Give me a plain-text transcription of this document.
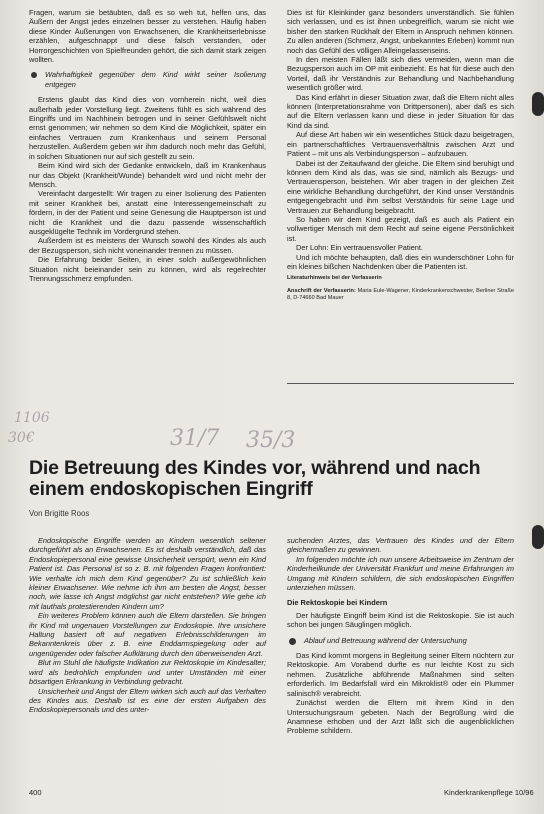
Fragen, warum sie betäubten, daß es so weh tut, helfen uns, das Äußern der Angst jedes einzelnen besser zu verstehen. Häufig haben diese Kinder Äußerungen von Erwachsenen, die Krankheitserlebnisse erzählen, aufgeschnappt und diese falsch verstanden, oder Horrorgeschichten von Spielfreunden gehört, die sich damit stark zeigen wollten.

Wahrhaftigkeit gegenüber dem Kind wirkt seiner Isolierung entgegen

Erstens glaubt das Kind dies von vornherein nicht, weil dies außerhalb jeder Vorstellung liegt. Zweitens fühlt es sich während des Eingriffs und im Nachhinein betrogen und in seiner Gefühlswelt nicht ernst genommen; wir nehmen so dem Kind die Möglichkeit, später ein einfaches Vertrauen zum Krankenhaus und seinem Personal herzustellen. Außerdem geben wir ihm dadurch noch mehr das Gefühl, in solchen Situationen nur auf sich gestellt zu sein.

Beim Kind wird sich der Gedanke entwickeln, daß im Krankenhaus nur das Objekt (Krankheit/Wunde) behandelt wird und nicht mehr der Mensch.

Vereinfacht dargestellt: Wir tragen zu einer Isolierung des Patienten mit seiner Krankheit bei, anstatt eine Interessengemeinschaft zu fördern, in der der Patient und seine Genesung die Hauptperson ist und nicht die Krankheit und die dazu passende wissenschaftlich ausgeklügelte Technik im Vordergrund stehen.

Außerdem ist es meistens der Wunsch sowohl des Kindes als auch der Bezugsperson, sich nicht voneinander trennen zu müssen.

Die Erfahrung beider Seiten, in einer solch außergewöhnlichen Situation nicht beieinander sein zu können, wird als regelrechter Trennungsschmerz empfunden.

Dies ist für Kleinkinder ganz besonders unverständlich. Sie fühlen sich verlassen, und es ist ihnen unbegreiflich, warum sie nicht wie bisher den starken Rückhalt der Eltern in Anspruch nehmen können. Zu allen anderen (Schmerz, Angst, unbekanntes Erleben) kommt nun noch das Gefühl des völligen Alleingelassenseins.

In den meisten Fällen läßt sich dies vermeiden, wenn man die Bezugsperson auch im OP mit einbezieht. Es hat für diese auch den Vorteil, daß ihr Verständnis zur Behandlung und Nachbehandlung wesentlich größer wird.

Das Kind erfährt in dieser Situation zwar, daß die Eltern nicht alles können (Interpretationsrahme von Drittpersonen), aber daß es sich auf die Eltern verlassen kann und diese in jeder Situation für das Kind da sind.

Auf diese Art haben wir ein wesentliches Stück dazu beigetragen, ein partnerschaftliches Vertrauensverhältnis zwischen Arzt und Patient – mit uns als Verbindungsperson – aufzubauen.

Dabei ist der Zeitaufwand der gleiche. Die Eltern sind beruhigt und können dem Kind als das, was sie sind, nämlich als Bezugs- und Vertrauensperson, beistehen. Wir aber tragen in der gleichen Zeit eine wirkliche Behandlung durchgeführt, der Kind unser Verständnis entgegengebracht und ihm selbst Verständnis für seine Lage und Vertrauen zur Behandlung beigebracht.

So haben wir dem Kind gezeigt, daß es auch als Patient ein vollwertiger Mensch mit dem Recht auf seine eigene Persönlichkeit ist.

Der Lohn: Ein vertrauensvoller Patient.

Und ich möchte behaupten, daß dies ein wunderschöner Lohn für ein kleines bißchen Nachdenken über die Patienten ist.

Literaturhinweis bei der Verfasserin
Anschrift der Verfasserin: Maria Eule-Wagener, Kinderkrankenschwester, Berliner Straße 8, D-74660 Bad Mauer
1106
30€	31/7 35/3
Die Betreuung des Kindes vor, während und nach einem endoskopischen Eingriff
Von Brigitte Roos

Endoskopische Eingriffe werden an Kindern wesentlich seltener durchgeführt als an Erwachsenen. Es ist deshalb verständlich, daß das Endoskopiepersonal eine gewisse Unsicherheit verspürt, wenn ein Kind Patient ist. Das Personal ist so z. B. mit folgenden Fragen konfrontiert: Wie verhalte ich mich dem Kind gegenüber? Zu ist schließlich kein kleiner Erwachsener. Wie nehme ich ihm am besten die Angst, besser noch, wie lasse ich Angst möglichst gar nicht entstehen? Wie gehe ich mit lauthals protestierenden Kindern um?

Ein weiteres Problem können auch die Eltern darstellen. Sie bringen ihr Kind mit ungenauen Vorstellungen zur Endoskopie. Ihre unsichere Haltung basiert oft auf negativen Erlebnisschilderungen im Bekanntenkreis über z. B. eine Enddarmspiegelung oder auf ungenügender oder falscher Aufklärung durch den überweisenden Arzt.

Blut im Stuhl die häufigste Indikation zur Rektoskopie im Kindesalter; wird als bedrohlich empfunden und unter Umständen mit einer bösartigen Erkrankung in Verbindung gebracht.

Unsicherheit und Angst der Eltern wirken sich auch auf das Verhalten des Kindes aus. Deshalb ist es eine der ersten Aufgaben des Endoskopiepersonals und des unter-

suchenden Arztes, das Vertrauen des Kindes und der Eltern gleichermaßen zu gewinnen.

Im folgenden möchte ich nun unsere Arbeitsweise im Zentrum der Kinderheilkunde der Universität Frankfurt und meine Erfahrungen im Umgang mit Kindern schildern, die sich endoskopischen Eingriffen unterziehen müssen.

Die Rektoskopie bei Kindern

Der häufigste Eingriff beim Kind ist die Rektoskopie. Sie ist auch schon bei jungen Säuglingen möglich.

Ablauf und Betreuung während der Untersuchung

Das Kind kommt morgens in Begleitung seiner Eltern nüchtern zur Rektoskopie. Am Vorabend durfte es nur leichte Kost zu sich nehmen. Zusätzliche abführende Maßnahmen sind selten erforderlich. Im Bedarfsfall wird ein Mikroklist® oder ein Plummer salinisch® verabreicht.

Zunächst werden die Eltern mit ihrem Kind in den Untersuchungsraum gebeten. Nach der Begrüßung wird die Anamnese erhoben und der Arzt läßt sich die augenblicklichen Probleme schildern.

400	Kinderkrankenpflege 10/96
